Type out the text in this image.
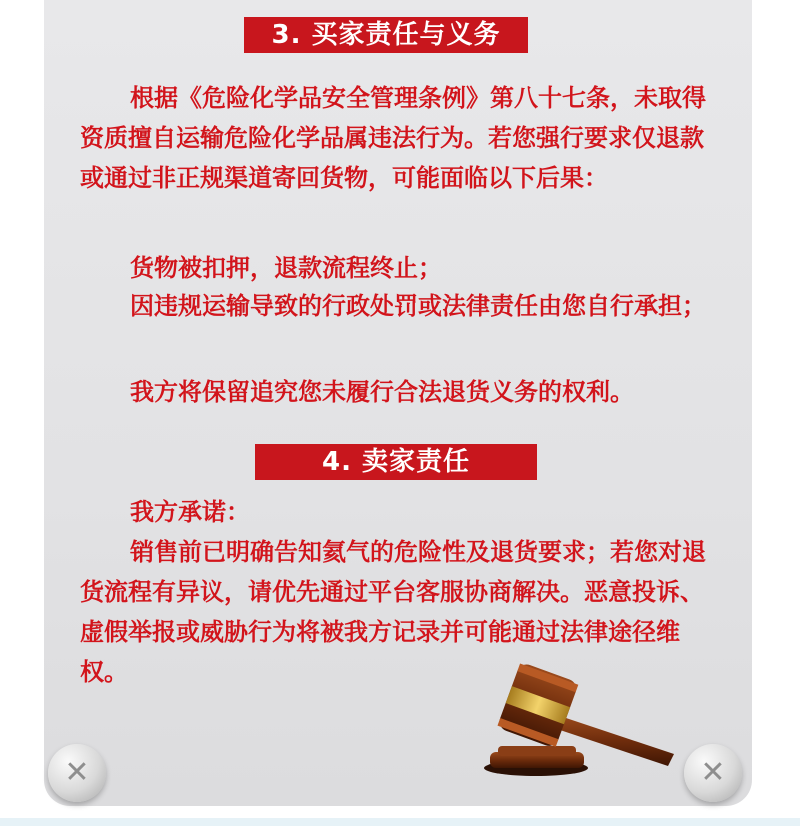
3. 买家责任与义务

根据《危险化学品安全管理条例》第八十七条，未取得资质擅自运输危险化学品属违法行为。若您强行要求仅退款或通过非正规渠道寄回货物，可能面临以下后果：

货物被扣押，退款流程终止；

因违规运输导致的行政处罚或法律责任由您自行承担；

我方将保留追究您未履行合法退货义务的权利。

4. 卖家责任

我方承诺：

销售前已明确告知氦气的危险性及退货要求；若您对退货流程有异议，请优先通过平台客服协商解决。恶意投诉、虚假举报或威胁行为将被我方记录并可能通过法律途径维权。

✕	✕
